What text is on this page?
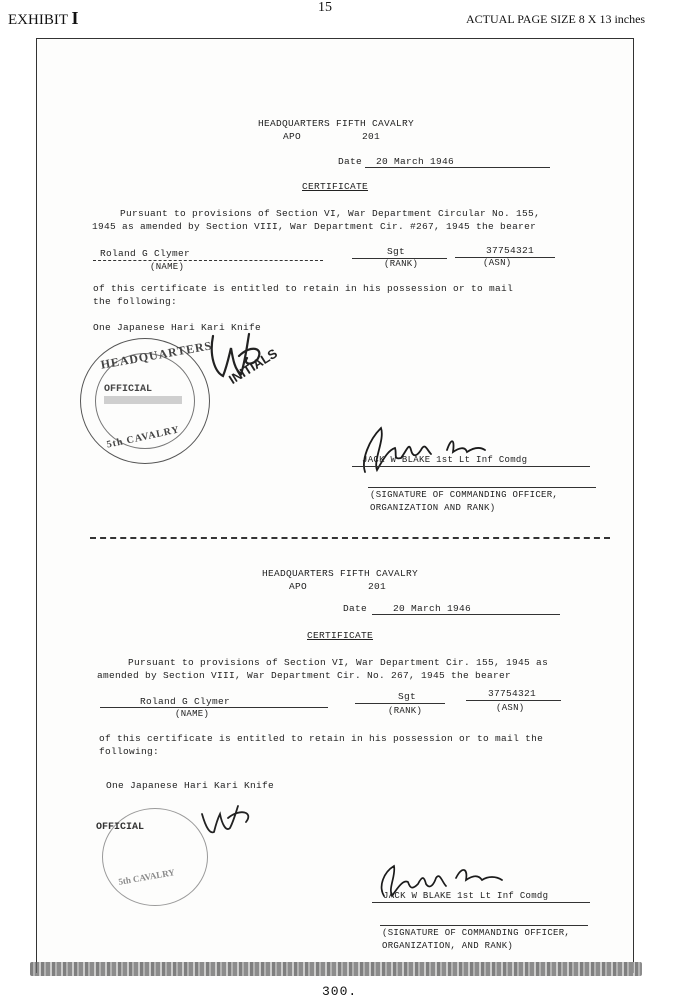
EXHIBIT I
15
ACTUAL PAGE SIZE 8 X 13 inches
HEADQUARTERS FIFTH CAVALRY
APO	201
Date 20 March 1946
CERTIFICATE
Pursuant to provisions of Section VI, War Department Circular No. 155,
1945 as amended by Section VIII, War Department Cir. #267, 1945 the bearer
Roland G Clymer
(NAME)
Sgt
(RANK)
37754321
(ASN)
of this certificate is entitled to retain in his possession or to mail
the following:
One Japanese Hari Kari Knife
HEADQUARTERS
OFFICIAL
5th CAVALRY
INITIALS
JACK W BLAKE 1st Lt Inf Comdg
(SIGNATURE OF COMMANDING OFFICER,
ORGANIZATION AND RANK)
HEADQUARTERS FIFTH CAVALRY
APO	201
Date	20 March 1946
CERTIFICATE
Pursuant to provisions of Section VI, War Department Cir. 155, 1945 as
amended by Section VIII, War Department Cir. No. 267, 1945 the bearer
Roland G Clymer
(NAME)
Sgt
(RANK)
37754321
(ASN)
of this certificate is entitled to retain in his possession or to mail the
following:
One Japanese Hari Kari Knife
OFFICIAL
5th CAVALRY
JACK W BLAKE 1st Lt Inf Comdg
(SIGNATURE OF COMMANDING OFFICER,
ORGANIZATION, AND RANK)
300.
